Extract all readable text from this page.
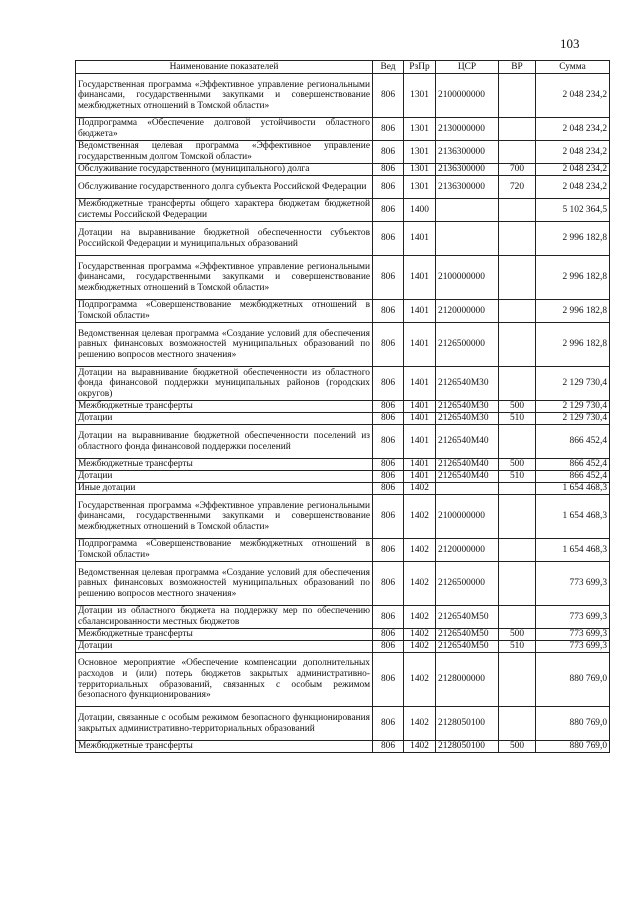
103
Наименование показателей	Вед	РзПр	ЦСР	ВР	Сумма
Государственная программа «Эффективное управление региональными финансами, государственными закупками и совершенствование межбюджетных отношений в Томской области»	806	1301	2100000000		2 048 234,2
Подпрограмма «Обеспечение долговой устойчивости областного бюджета»	806	1301	2130000000		2 048 234,2
Ведомственная целевая программа «Эффективное управление государственным долгом Томской области»	806	1301	2136300000		2 048 234,2
Обслуживание государственного (муниципального) долга	806	1301	2136300000	700	2 048 234,2
Обслуживание государственного долга субъекта Российской Федерации	806	1301	2136300000	720	2 048 234,2
Межбюджетные трансферты общего характера бюджетам бюджетной системы Российской Федерации	806	1400			5 102 364,5
Дотации на выравнивание бюджетной обеспеченности субъектов Российской Федерации и муниципальных образований	806	1401			2 996 182,8
Государственная программа «Эффективное управление региональными финансами, государственными закупками и совершенствование межбюджетных отношений в Томской области»	806	1401	2100000000		2 996 182,8
Подпрограмма «Совершенствование межбюджетных отношений в Томской области»	806	1401	2120000000		2 996 182,8
Ведомственная целевая программа «Создание условий для обеспечения равных финансовых возможностей муниципальных образований по решению вопросов местного значения»	806	1401	2126500000		2 996 182,8
Дотации на выравнивание бюджетной обеспеченности из областного фонда финансовой поддержки муниципальных районов (городских округов)	806	1401	2126540М30		2 129 730,4
Межбюджетные трансферты	806	1401	2126540М30	500	2 129 730,4
Дотации	806	1401	2126540М30	510	2 129 730,4
Дотации на выравнивание бюджетной обеспеченности поселений из областного фонда финансовой поддержки поселений	806	1401	2126540М40		866 452,4
Межбюджетные трансферты	806	1401	2126540М40	500	866 452,4
Дотации	806	1401	2126540М40	510	866 452,4
Иные дотации	806	1402			1 654 468,3
Государственная программа «Эффективное управление региональными финансами, государственными закупками и совершенствование межбюджетных отношений в Томской области»	806	1402	2100000000		1 654 468,3
Подпрограмма «Совершенствование межбюджетных отношений в Томской области»	806	1402	2120000000		1 654 468,3
Ведомственная целевая программа «Создание условий для обеспечения равных финансовых возможностей муниципальных образований по решению вопросов местного значения»	806	1402	2126500000		773 699,3
Дотации из областного бюджета на поддержку мер по обеспечению сбалансированности местных бюджетов	806	1402	2126540М50		773 699,3
Межбюджетные трансферты	806	1402	2126540М50	500	773 699,3
Дотации	806	1402	2126540М50	510	773 699,3
Основное мероприятие «Обеспечение компенсации дополнительных расходов и (или) потерь бюджетов закрытых административно-территориальных образований, связанных с особым режимом безопасного функционирования»	806	1402	2128000000		880 769,0
Дотации, связанные с особым режимом безопасного функционирования закрытых административно-территориальных образований	806	1402	2128050100		880 769,0
Межбюджетные трансферты	806	1402	2128050100	500	880 769,0
